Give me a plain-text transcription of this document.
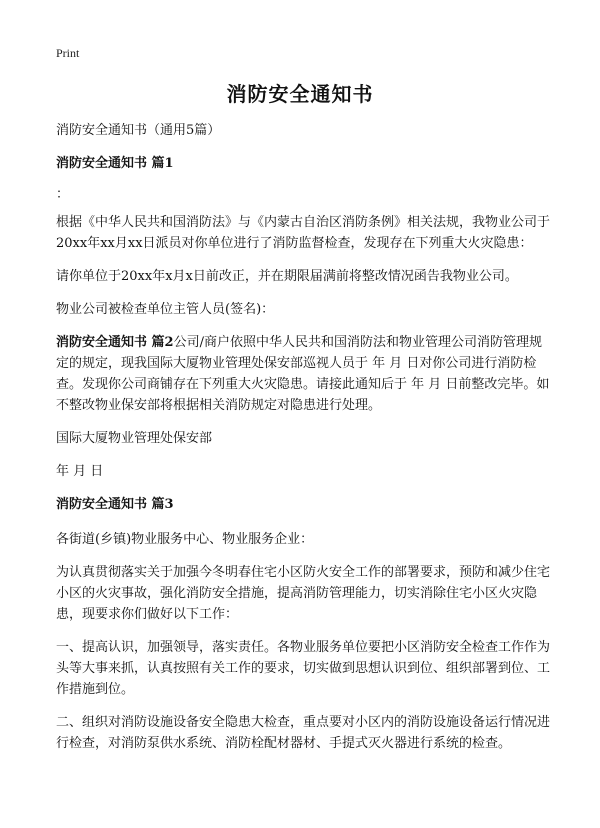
Print
消防安全通知书

消防安全通知书（通用5篇）

消防安全通知书 篇1

：

根据《中华人民共和国消防法》与《内蒙古自治区消防条例》相关法规，我物业公司于20xx年xx月xx日派员对你单位进行了消防监督检查，发现存在下列重大火灾隐患：

请你单位于20xx年x月x日前改正，并在期限届满前将整改情况函告我物业公司。

物业公司被检查单位主管人员(签名)：

消防安全通知书 篇2公司/商户依照中华人民共和国消防法和物业管理公司消防管理规定的规定，现我国际大厦物业管理处保安部巡视人员于 年 月 日对你公司进行消防检查。发现你公司商铺存在下列重大火灾隐患。请接此通知后于 年 月 日前整改完毕。如不整改物业保安部将根据相关消防规定对隐患进行处理。

国际大厦物业管理处保安部

年 月 日

消防安全通知书 篇3

各街道(乡镇)物业服务中心、物业服务企业：

为认真贯彻落实关于加强今冬明春住宅小区防火安全工作的部署要求，预防和减少住宅小区的火灾事故，强化消防安全措施，提高消防管理能力，切实消除住宅小区火灾隐患，现要求你们做好以下工作：

一、提高认识，加强领导，落实责任。各物业服务单位要把小区消防安全检查工作作为头等大事来抓，认真按照有关工作的要求，切实做到思想认识到位、组织部署到位、工作措施到位。

二、组织对消防设施设备安全隐患大检查，重点要对小区内的消防设施设备运行情况进行检查，对消防泵供水系统、消防栓配材器材、手提式灭火器进行系统的检查。
